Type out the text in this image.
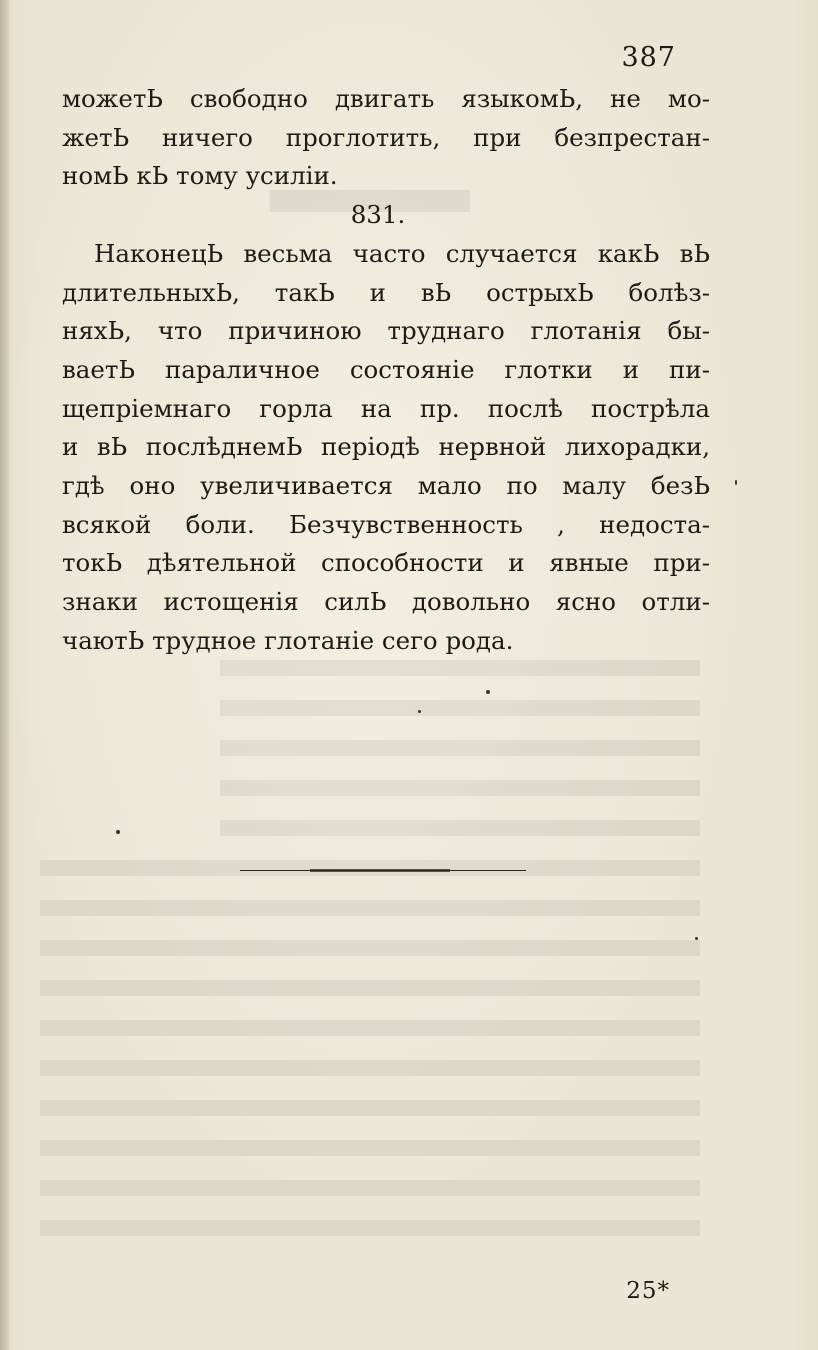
387
можетЬ свободно двигать языкомЬ, не мо-
жетЬ ничего проглотить, при безпрестан-
номЬ кЬ тому усилiи.
831.
НаконецЬ весьма часто случается какЬ вЬ
длительныхЬ, такЬ и вЬ острыхЬ болѣз-
няхЬ, что причиною труднаго глотанія бы-
ваетЬ параличное состояніе глотки и пи-
щепріемнаго горла на пр. послѣ пострѣла
и вЬ послѣднемЬ періодѣ нервной лихорадки,
гдѣ оно увеличивается мало по малу безЬ
всякой боли. Безчувственность , недоста-
токЬ дѣятельной способности и явные при-
знаки истощенія силЬ довольно ясно отли-
чаютЬ трудное глотаніе сего рода.
25*
